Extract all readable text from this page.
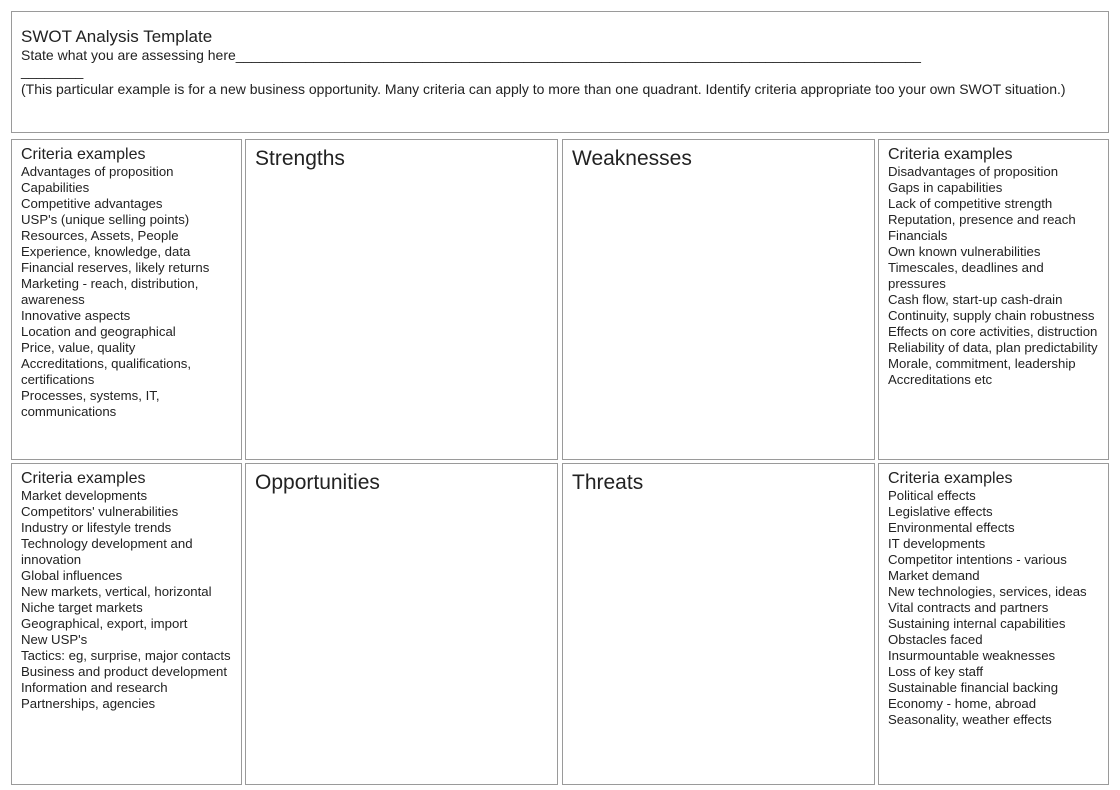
SWOT Analysis Template
State what you are assessing here________________________________________________________________________________________________
(This particular example is for a new business opportunity. Many criteria can apply to more than one quadrant. Identify criteria appropriate too your own SWOT situation.)
Criteria examples
Advantages of proposition
Capabilities
Competitive advantages
USP's (unique selling points)
Resources, Assets, People
Experience, knowledge, data
Financial reserves, likely returns
Marketing - reach, distribution, awareness
Innovative aspects
Location and geographical
Price, value, quality
Accreditations, qualifications, certifications
Processes, systems, IT, communications
Strengths	Weaknesses	Criteria examples
Disadvantages of proposition
Gaps in capabilities
Lack of competitive strength
Reputation, presence and reach
Financials
Own known vulnerabilities
Timescales, deadlines and pressures
Cash flow, start-up cash-drain
Continuity, supply chain robustness
Effects on core activities, distruction
Reliability of data, plan predictability
Morale, commitment, leadership
Accreditations etc
Criteria examples
Market developments
Competitors' vulnerabilities
Industry or lifestyle trends
Technology development and innovation
Global influences
New markets, vertical, horizontal
Niche target markets
Geographical, export, import
New USP's
Tactics: eg, surprise, major contacts
Business and product development
Information and research
Partnerships, agencies
Opportunities	Threats	Criteria examples
Political effects
Legislative effects
Environmental effects
IT developments
Competitor intentions - various
Market demand
New technologies, services, ideas
Vital contracts and partners
Sustaining internal capabilities
Obstacles faced
Insurmountable weaknesses
Loss of key staff
Sustainable financial backing
Economy - home, abroad
Seasonality, weather effects
